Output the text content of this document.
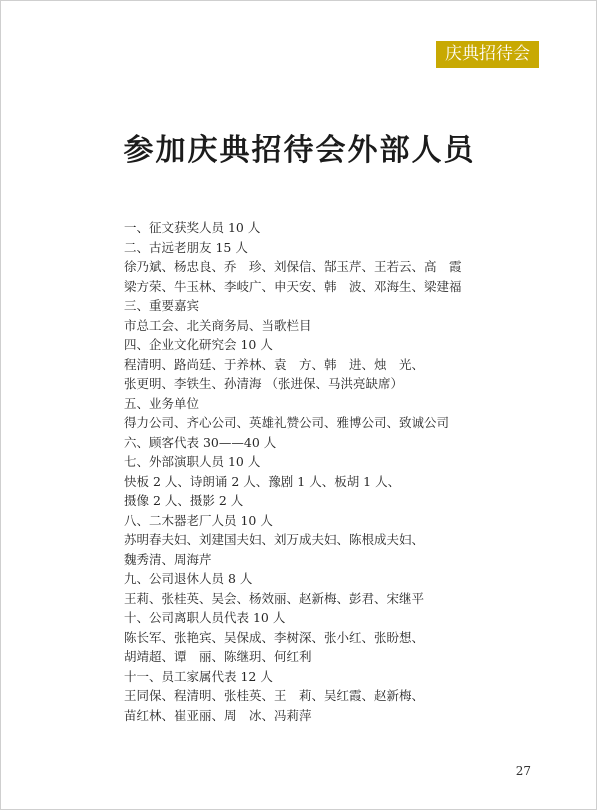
庆典招待会
参加庆典招待会外部人员
一、征文获奖人员 10 人
二、古远老朋友 15 人
徐乃斌、杨忠良、乔　珍、刘保信、郜玉芹、王若云、高　霞
梁方荣、牛玉林、李岐广、申天安、韩　波、邓海生、梁建福
三、重要嘉宾
市总工会、北关商务局、当歌栏目
四、企业文化研究会 10 人
程清明、路尚廷、于养林、袁　方、韩　进、烛　光、
张更明、李铁生、孙清海 （张进保、马洪亮缺席）
五、业务单位
得力公司、齐心公司、英雄礼赞公司、雅博公司、致诚公司
六、顾客代表 30——40 人
七、外部演职人员 10 人
快板 2 人、诗朗诵 2 人、豫剧 1 人、板胡 1 人、
摄像 2 人、摄影 2 人
八、二木器老厂人员 10 人
苏明春夫妇、刘建国夫妇、刘万成夫妇、陈根成夫妇、
魏秀清、周海芹
九、公司退休人员 8 人
王莉、张桂英、吴会、杨效丽、赵新梅、彭君、宋继平
十、公司离职人员代表 10 人
陈长军、张艳宾、吴保成、李树深、张小红、张盼想、
胡靖超、谭　丽、陈继玥、何红利
十一、员工家属代表 12 人
王同保、程清明、张桂英、王　莉、吴红霞、赵新梅、
苗红林、崔亚丽、周　冰、冯莉萍
27
